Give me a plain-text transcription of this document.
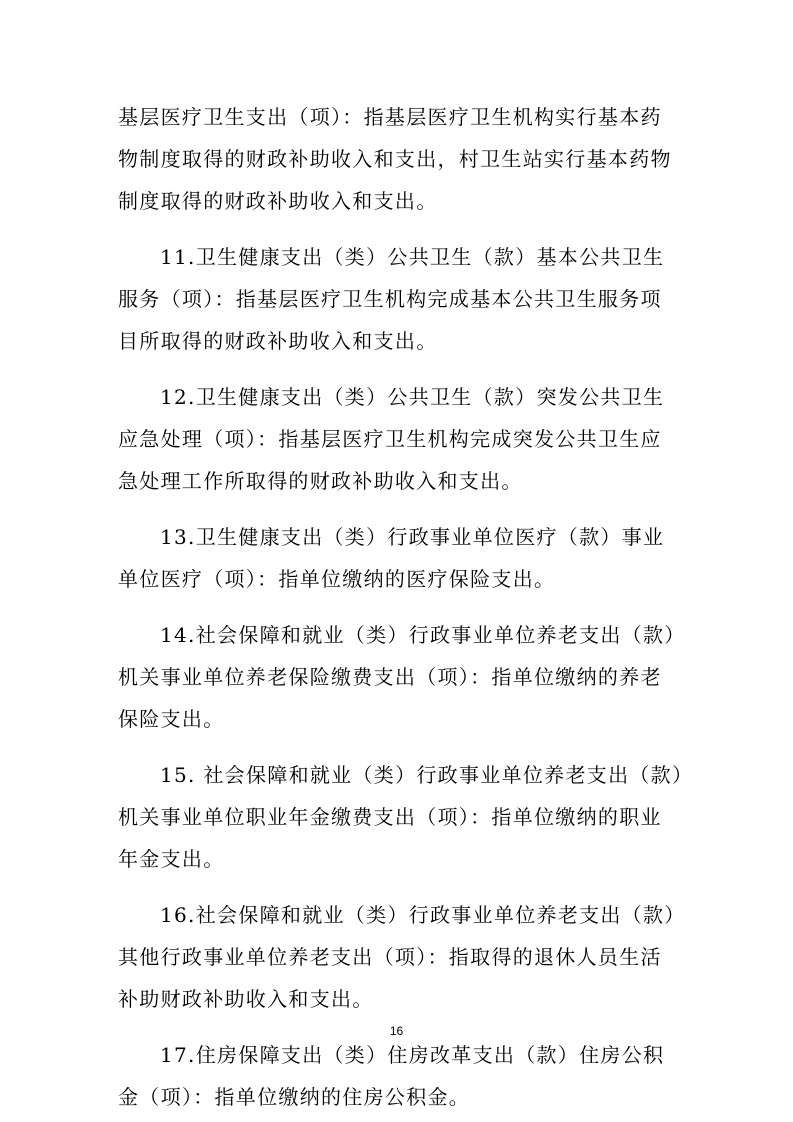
基层医疗卫生支出（项）：指基层医疗卫生机构实行基本药
物制度取得的财政补助收入和支出，村卫生站实行基本药物
制度取得的财政补助收入和支出。
11.卫生健康支出（类）公共卫生（款）基本公共卫生
服务（项）：指基层医疗卫生机构完成基本公共卫生服务项
目所取得的财政补助收入和支出。
12.卫生健康支出（类）公共卫生（款）突发公共卫生
应急处理（项）：指基层医疗卫生机构完成突发公共卫生应
急处理工作所取得的财政补助收入和支出。
13.卫生健康支出（类）行政事业单位医疗（款）事业
单位医疗（项）：指单位缴纳的医疗保险支出。
14.社会保障和就业（类）行政事业单位养老支出（款）
机关事业单位养老保险缴费支出（项）：指单位缴纳的养老
保险支出。
15. 社会保障和就业（类）行政事业单位养老支出（款）
机关事业单位职业年金缴费支出（项）：指单位缴纳的职业
年金支出。
16.社会保障和就业（类）行政事业单位养老支出（款）
其他行政事业单位养老支出（项）：指取得的退休人员生活
补助财政补助收入和支出。
17.住房保障支出（类）住房改革支出（款）住房公积
金（项）：指单位缴纳的住房公积金。
16
